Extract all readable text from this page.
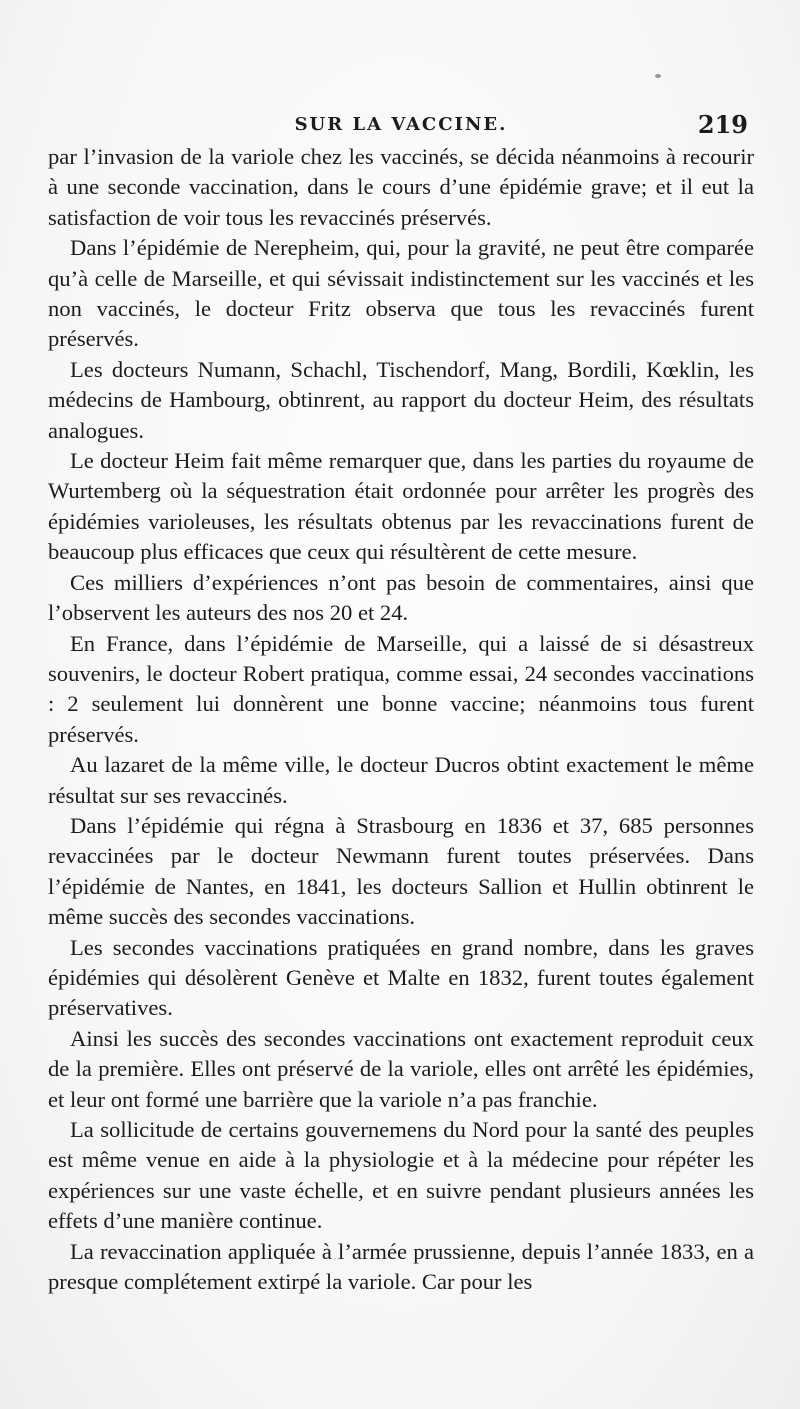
SUR LA VACCINE.	219

par l’invasion de la variole chez les vaccinés, se décida néanmoins à recourir à une seconde vaccination, dans le cours d’une épidémie grave; et il eut la satisfaction de voir tous les revaccinés préservés.

Dans l’épidémie de Nerepheim, qui, pour la gravité, ne peut être comparée qu’à celle de Marseille, et qui sévissait indistinctement sur les vaccinés et les non vaccinés, le docteur Fritz observa que tous les revaccinés furent préservés.

Les docteurs Numann, Schachl, Tischendorf, Mang, Bordili, Kœklin, les médecins de Hambourg, obtinrent, au rapport du docteur Heim, des résultats analogues.

Le docteur Heim fait même remarquer que, dans les parties du royaume de Wurtemberg où la séquestration était ordonnée pour arrêter les progrès des épidémies varioleuses, les résultats obtenus par les revaccinations furent de beaucoup plus efficaces que ceux qui résultèrent de cette mesure.

Ces milliers d’expériences n’ont pas besoin de commentaires, ainsi que l’observent les auteurs des nos 20 et 24.

En France, dans l’épidémie de Marseille, qui a laissé de si désastreux souvenirs, le docteur Robert pratiqua, comme essai, 24 secondes vaccinations : 2 seulement lui donnèrent une bonne vaccine; néanmoins tous furent préservés.

Au lazaret de la même ville, le docteur Ducros obtint exactement le même résultat sur ses revaccinés.

Dans l’épidémie qui régna à Strasbourg en 1836 et 37, 685 personnes revaccinées par le docteur Newmann furent toutes préservées. Dans l’épidémie de Nantes, en 1841, les docteurs Sallion et Hullin obtinrent le même succès des secondes vaccinations.

Les secondes vaccinations pratiquées en grand nombre, dans les graves épidémies qui désolèrent Genève et Malte en 1832, furent toutes également préservatives.

Ainsi les succès des secondes vaccinations ont exactement reproduit ceux de la première. Elles ont préservé de la variole, elles ont arrêté les épidémies, et leur ont formé une barrière que la variole n’a pas franchie.

La sollicitude de certains gouvernemens du Nord pour la santé des peuples est même venue en aide à la physiologie et à la médecine pour répéter les expériences sur une vaste échelle, et en suivre pendant plusieurs années les effets d’une manière continue.

La revaccination appliquée à l’armée prussienne, depuis l’année 1833, en a presque complétement extirpé la variole. Car pour les
